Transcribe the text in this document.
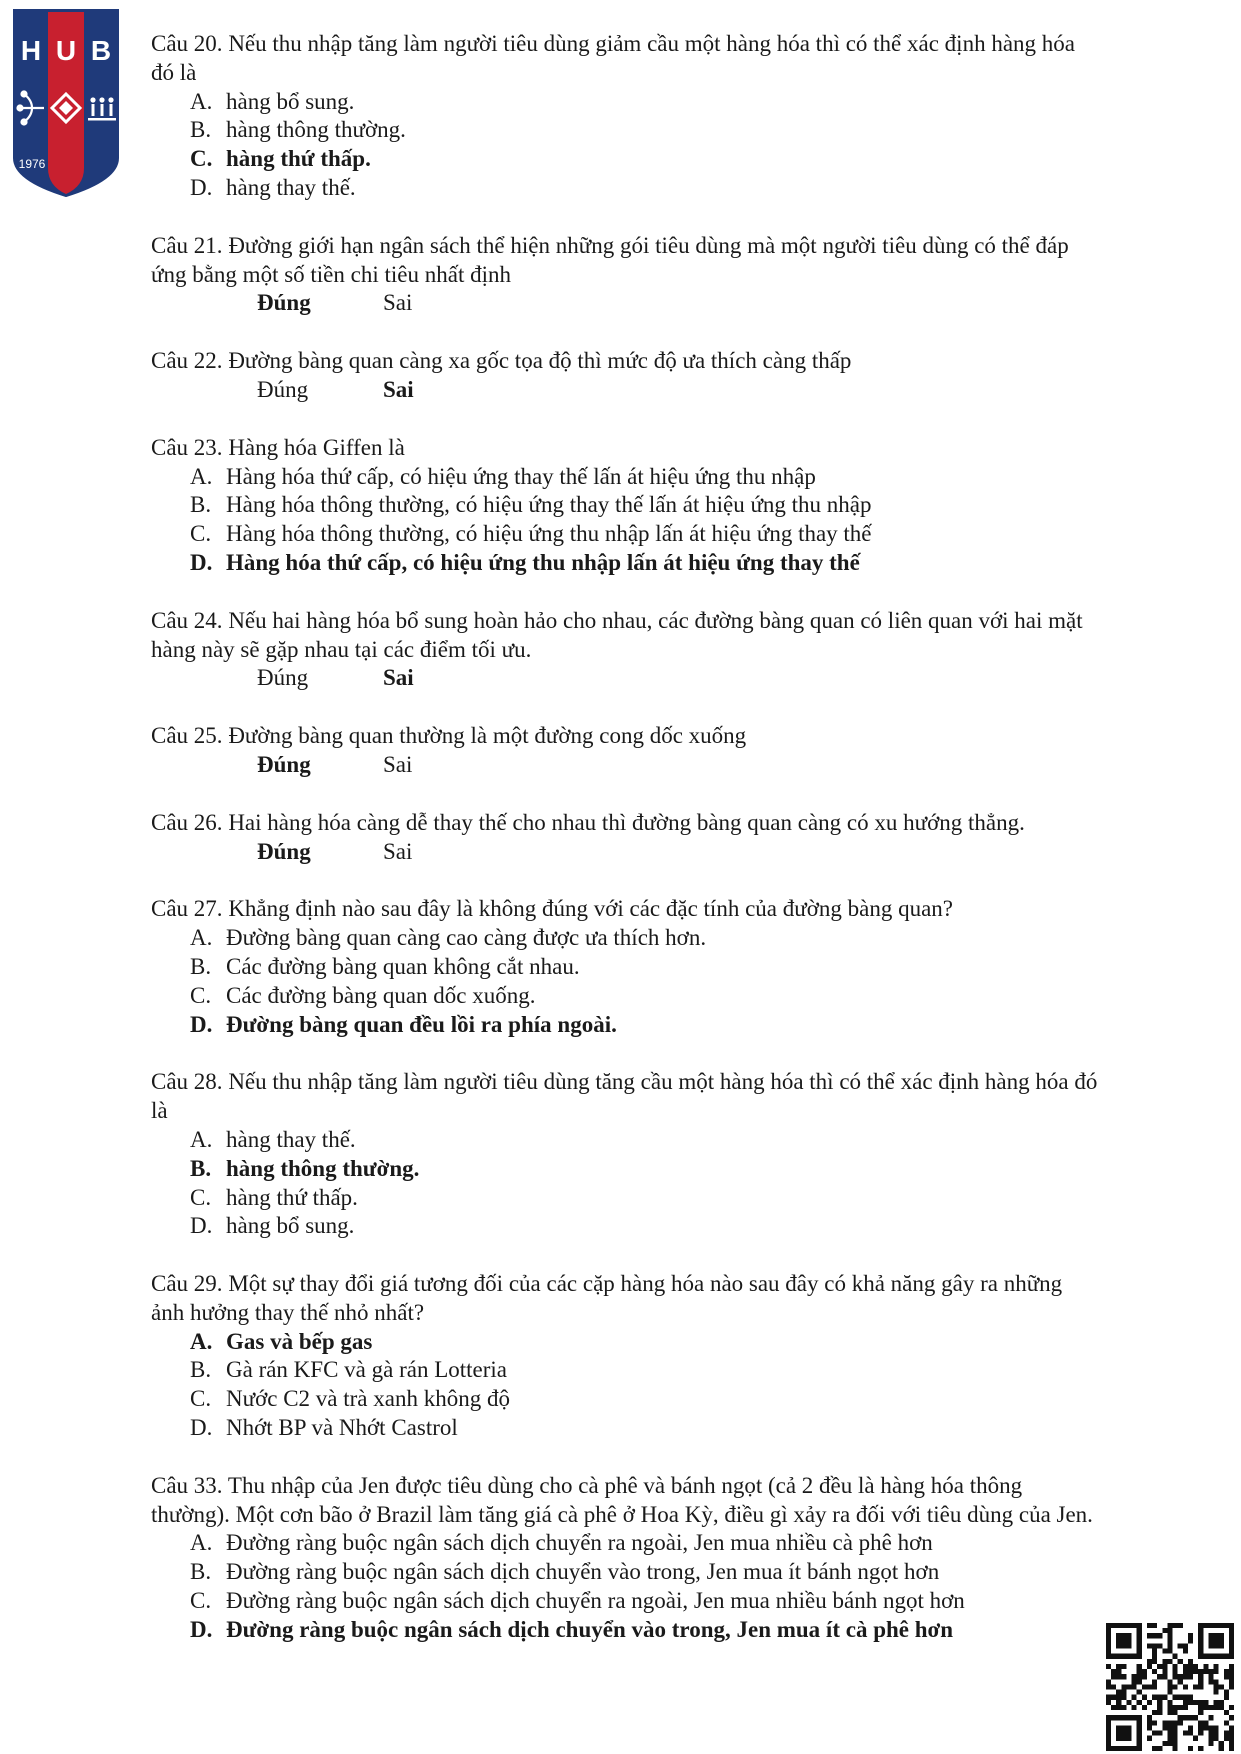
H U B
1976

Câu 20. Nếu thu nhập tăng làm người tiêu dùng giảm cầu một hàng hóa thì có thể xác định hàng hóa đó là

A. hàng bổ sung.
B. hàng thông thường.
C. hàng thứ thấp.
D. hàng thay thế.

Câu 21. Đường giới hạn ngân sách thể hiện những gói tiêu dùng mà một người tiêu dùng có thể đáp ứng bằng một số tiền chi tiêu nhất định

Đúng	Sai

Câu 22. Đường bàng quan càng xa gốc tọa độ thì mức độ ưa thích càng thấp

Đúng	Sai

Câu 23. Hàng hóa Giffen là

A. Hàng hóa thứ cấp, có hiệu ứng thay thế lấn át hiệu ứng thu nhập
B. Hàng hóa thông thường, có hiệu ứng thay thế lấn át hiệu ứng thu nhập
C. Hàng hóa thông thường, có hiệu ứng thu nhập lấn át hiệu ứng thay thế
D. Hàng hóa thứ cấp, có hiệu ứng thu nhập lấn át hiệu ứng thay thế

Câu 24. Nếu hai hàng hóa bổ sung hoàn hảo cho nhau, các đường bàng quan có liên quan với hai mặt hàng này sẽ gặp nhau tại các điểm tối ưu.

Đúng	Sai

Câu 25. Đường bàng quan thường là một đường cong dốc xuống

Đúng	Sai

Câu 26. Hai hàng hóa càng dễ thay thế cho nhau thì đường bàng quan càng có xu hướng thẳng.

Đúng	Sai

Câu 27. Khẳng định nào sau đây là không đúng với các đặc tính của đường bàng quan?

A. Đường bàng quan càng cao càng được ưa thích hơn.
B. Các đường bàng quan không cắt nhau.
C. Các đường bàng quan dốc xuống.
D. Đường bàng quan đều lồi ra phía ngoài.

Câu 28. Nếu thu nhập tăng làm người tiêu dùng tăng cầu một hàng hóa thì có thể xác định hàng hóa đó là

A. hàng thay thế.
B. hàng thông thường.
C. hàng thứ thấp.
D. hàng bổ sung.

Câu 29. Một sự thay đổi giá tương đối của các cặp hàng hóa nào sau đây có khả năng gây ra những ảnh hưởng thay thế nhỏ nhất?

A. Gas và bếp gas
B. Gà rán KFC và gà rán Lotteria
C. Nước C2 và trà xanh không độ
D. Nhớt BP và Nhớt Castrol

Câu 33. Thu nhập của Jen được tiêu dùng cho cà phê và bánh ngọt (cả 2 đều là hàng hóa thông thường). Một cơn bão ở Brazil làm tăng giá cà phê ở Hoa Kỳ, điều gì xảy ra đối với tiêu dùng của Jen.

A. Đường ràng buộc ngân sách dịch chuyển ra ngoài, Jen mua nhiều cà phê hơn
B. Đường ràng buộc ngân sách dịch chuyển vào trong, Jen mua ít bánh ngọt hơn
C. Đường ràng buộc ngân sách dịch chuyển ra ngoài, Jen mua nhiều bánh ngọt hơn
D. Đường ràng buộc ngân sách dịch chuyển vào trong, Jen mua ít cà phê hơn
